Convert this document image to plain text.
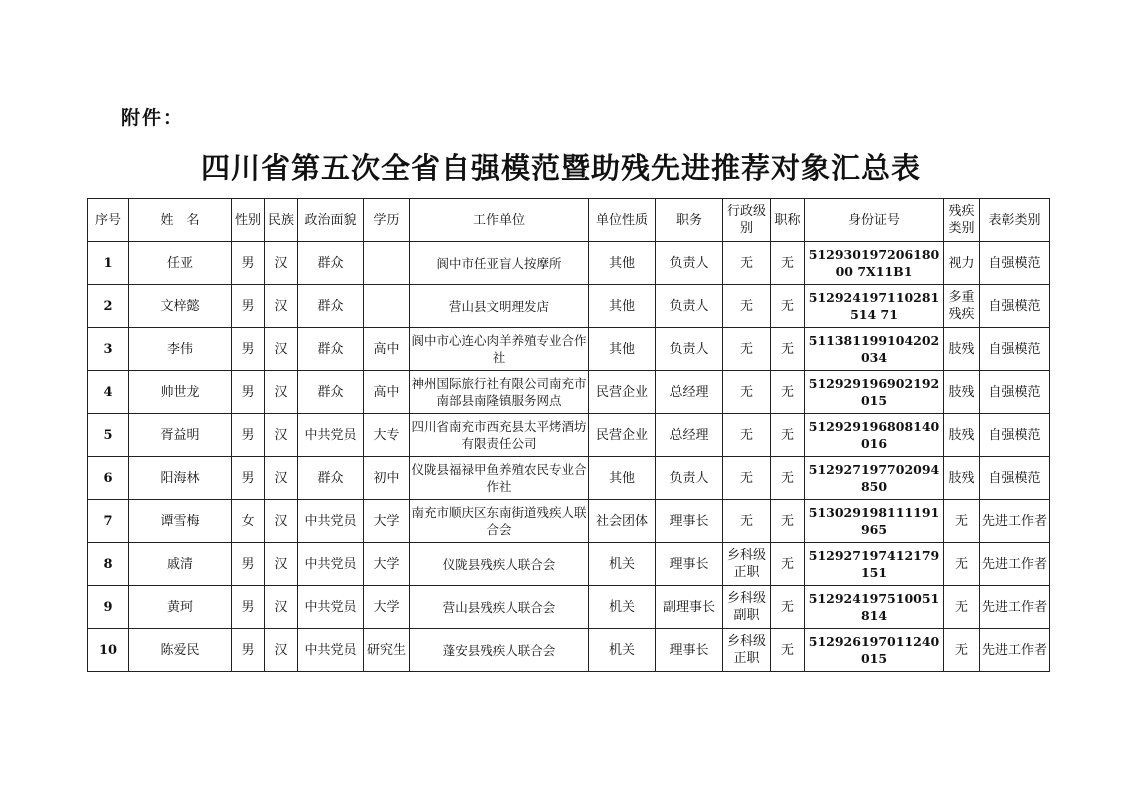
附件：
四川省第五次全省自强模范暨助残先进推荐对象汇总表
序号	姓　名	性别	民族	政治面貌	学历	工作单位	单位性质	职务	行政级别	职称	身份证号	残疾类别	表彰类别
1	任亚	男	汉	群众		阆中市任亚盲人按摩所	其他	负责人	无	无	51293019720618000 7X11B1	视力	自强模范
2	文梓懿	男	汉	群众		营山县文明理发店	其他	负责人	无	无	512924197110281514 71	多重残疾	自强模范
3	李伟	男	汉	群众	高中	阆中市心连心肉羊养殖专业合作社	其他	负责人	无	无	511381199104202034	肢残	自强模范
4	帅世龙	男	汉	群众	高中	神州国际旅行社有限公司南充市南部县南隆镇服务网点	民营企业	总经理	无	无	512929196902192015	肢残	自强模范
5	胥益明	男	汉	中共党员	大专	四川省南充市西充县太平烤酒坊有限责任公司	民营企业	总经理	无	无	512929196808140016	肢残	自强模范
6	阳海林	男	汉	群众	初中	仪陇县福禄甲鱼养殖农民专业合作社	其他	负责人	无	无	512927197702094850	肢残	自强模范
7	谭雪梅	女	汉	中共党员	大学	南充市顺庆区东南街道残疾人联合会	社会团体	理事长	无	无	513029198111191965	无	先进工作者
8	戚清	男	汉	中共党员	大学	仪陇县残疾人联合会	机关	理事长	乡科级正职	无	512927197412179151	无	先进工作者
9	黄珂	男	汉	中共党员	大学	营山县残疾人联合会	机关	副理事长	乡科级副职	无	512924197510051814	无	先进工作者
10	陈爱民	男	汉	中共党员	研究生	蓬安县残疾人联合会	机关	理事长	乡科级正职	无	512926197011240015	无	先进工作者
